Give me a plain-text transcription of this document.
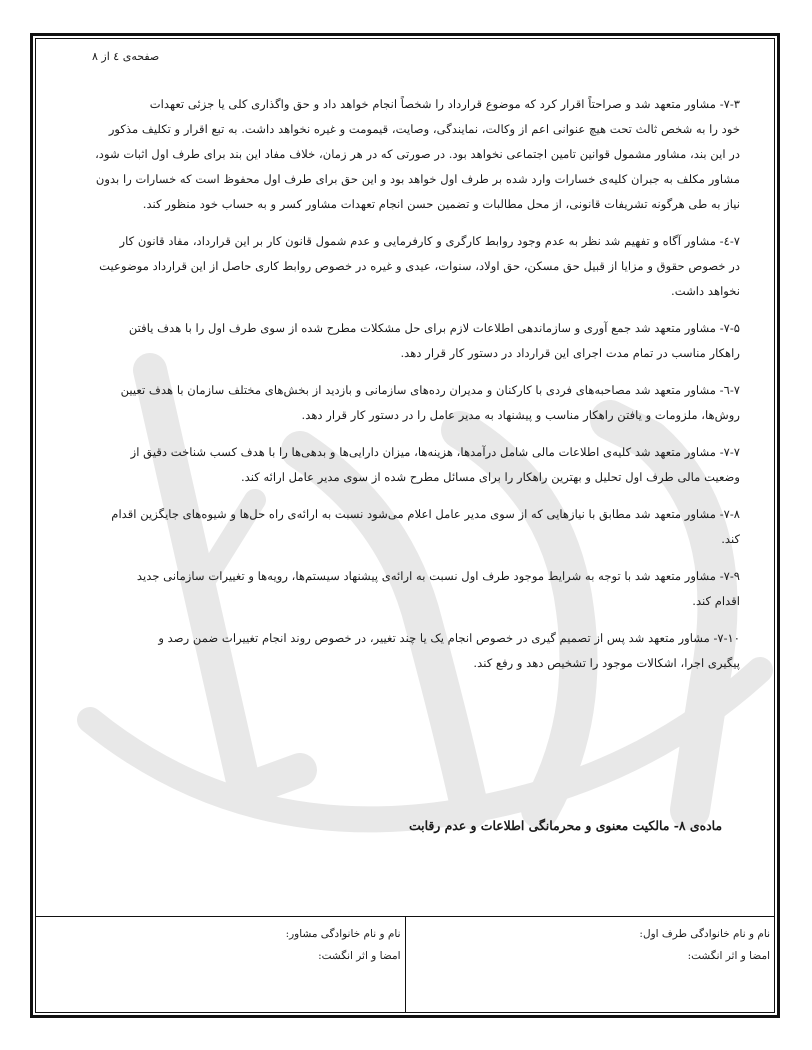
صفحه‌ی ٤ از ٨
۷-۳- مشاور متعهد شد و صراحتاً اقرار کرد که موضوع قرارداد را شخصاً انجام خواهد داد و حق واگذاری کلی یا جزئی تعهدات
خود را به شخص ثالث تحت هیچ عنوانی اعم از وکالت، نمایندگی، وصایت، قیمومت و غیره نخواهد داشت. به تبع اقرار و تکلیف مذکور
در این بند، مشاور مشمول قوانین تامین اجتماعی نخواهد بود. در صورتی که در هر زمان، خلاف مفاد این بند برای طرف اول اثبات شود،
مشاور مکلف به جبران کلیه‌ی خسارات وارد شده بر طرف اول خواهد بود و این حق برای طرف اول محفوظ است که خسارات را بدون
نیاز به طی هرگونه تشریفات قانونی، از محل مطالبات و تضمین حسن انجام تعهدات مشاور کسر و به حساب خود منظور کند.
۷-٤- مشاور آگاه و تفهیم شد نظر به عدم وجود روابط کارگری و کارفرمایی و عدم شمول قانون کار بر این قرارداد، مفاد قانون کار
در خصوص حقوق و مزایا از قبیل حق مسکن، حق اولاد، سنوات، عیدی و غیره در خصوص روابط کاری حاصل از این قرارداد موضوعیت
نخواهد داشت.
۷-۵- مشاور متعهد شد جمع آوری و سازماندهی اطلاعات لازم برای حل مشکلات مطرح شده از سوی طرف اول را با هدف یافتن
راهکار مناسب در تمام مدت اجرای این قرارداد در دستور کار قرار دهد.
۷-٦- مشاور متعهد شد مصاحبه‌های فردی با کارکنان و مدیران رده‌های سازمانی و بازدید از بخش‌های مختلف سازمان با هدف تعیین
روش‌ها، ملزومات و یافتن راهکار مناسب و پیشنهاد به مدیر عامل را در دستور کار قرار دهد.
۷-۷- مشاور متعهد شد کلیه‌ی اطلاعات مالی شامل درآمدها، هزینه‌ها، میزان دارایی‌ها و بدهی‌ها را با هدف کسب شناخت دقیق از
وضعیت مالی طرف اول تحلیل و بهترین راهکار را برای مسائل مطرح شده از سوی مدیر عامل ارائه کند.
۷-۸- مشاور متعهد شد مطابق با نیازهایی که از سوی مدیر عامل اعلام می‌شود نسبت به ارائه‌ی راه حل‌ها و شیوه‌های جایگزین اقدام
کند.
۷-۹- مشاور متعهد شد با توجه به شرایط موجود طرف اول نسبت به ارائه‌ی پیشنهاد سیستم‌ها، رویه‌ها و تغییرات سازمانی جدید
اقدام کند.
۷-۱۰- مشاور متعهد شد پس از تصمیم گیری در خصوص انجام یک یا چند تغییر، در خصوص روند انجام تغییرات ضمن رصد و
پیگیری اجرا، اشکالات موجود را تشخیص دهد و رفع کند.
ماده‌ی ۸- مالکیت معنوی و محرمانگی اطلاعات و عدم رقابت
نام و نام خانوادگی طرف اول:
امضا و اثر انگشت:
نام و نام خانوادگی مشاور:
امضا و اثر انگشت:
